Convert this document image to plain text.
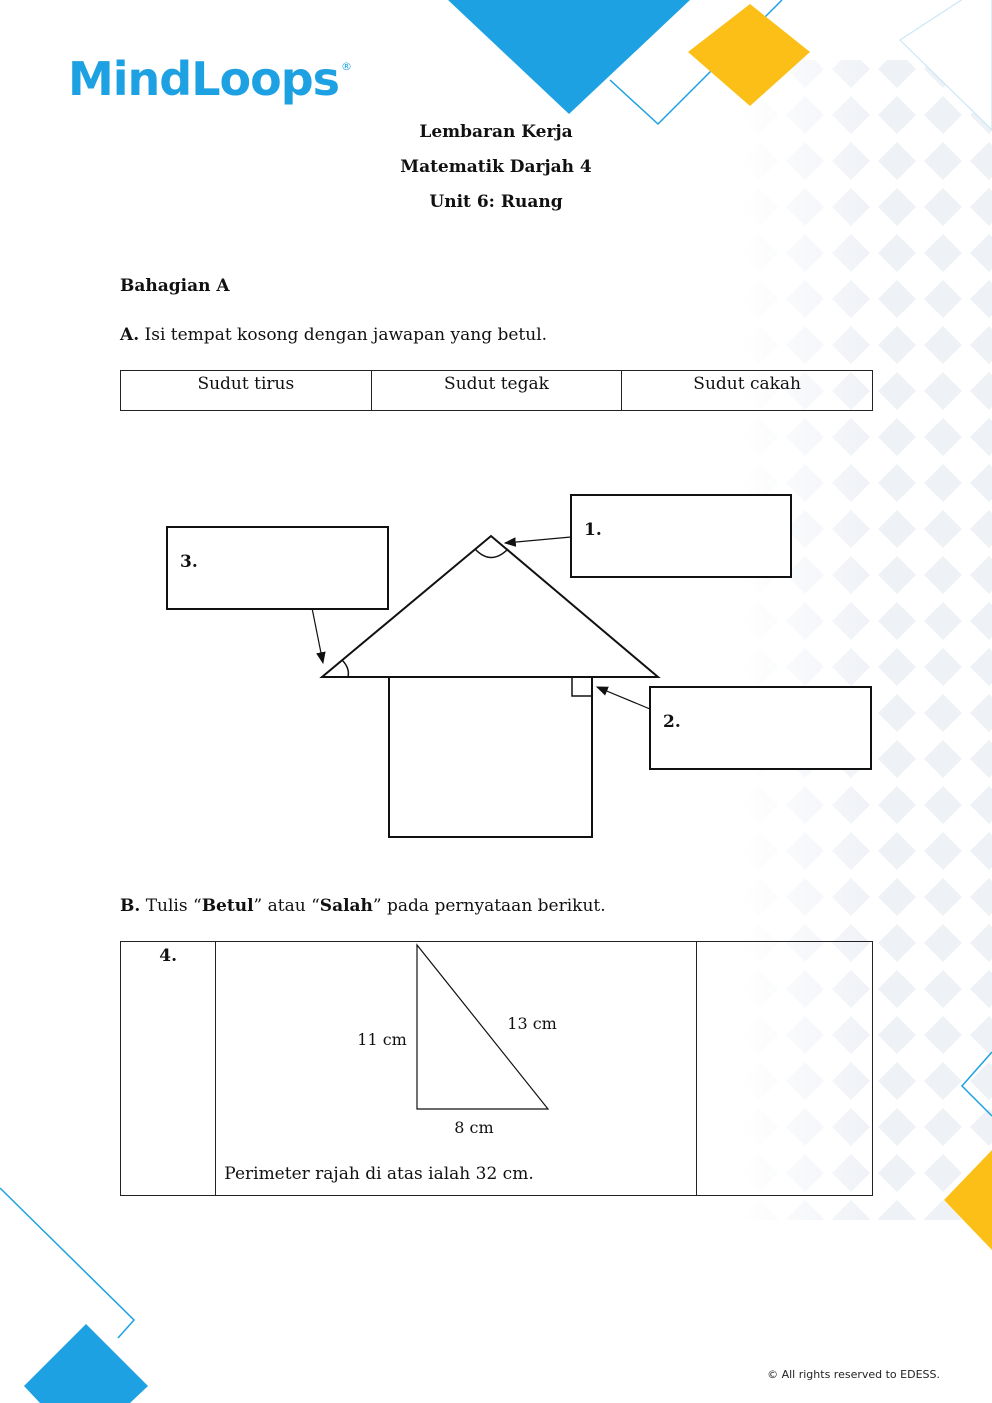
MindLoops ®
Lembaran Kerja
Matematik Darjah 4
Unit 6: Ruang
Bahagian A
A. Isi tempat kosong dengan jawapan yang betul.
Sudut tirus	Sudut tegak	Sudut cakah
1.
2.
3.
B. Tulis “Betul” atau “Salah” pada pernyataan berikut.
4.	
11 cm
13 cm
8 cm
Perimeter rajah di atas ialah 32 cm.

© All rights reserved to EDESS.
